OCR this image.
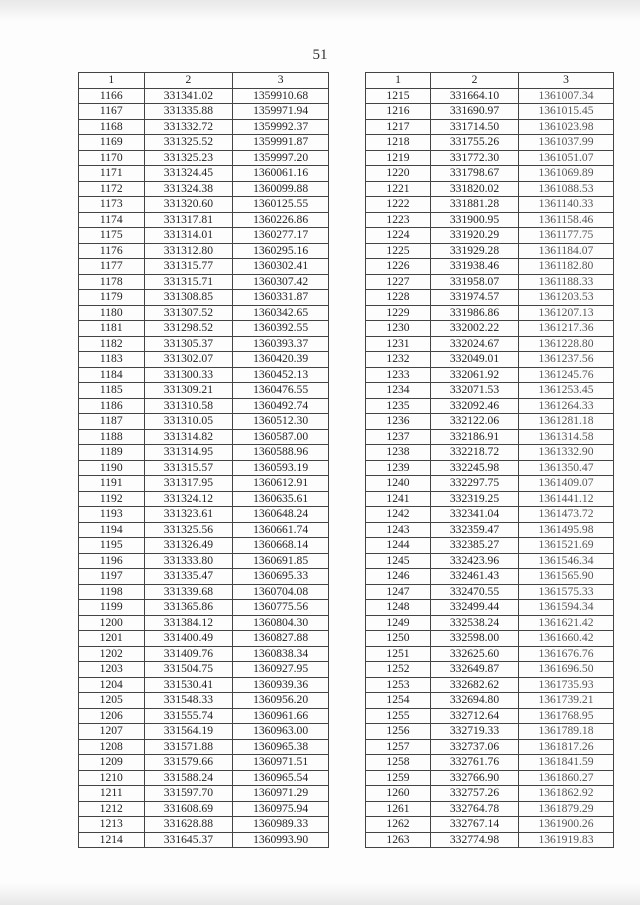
51
1	2	3
1166	331341.02	1359910.68
1167	331335.88	1359971.94
1168	331332.72	1359992.37
1169	331325.52	1359991.87
1170	331325.23	1359997.20
1171	331324.45	1360061.16
1172	331324.38	1360099.88
1173	331320.60	1360125.55
1174	331317.81	1360226.86
1175	331314.01	1360277.17
1176	331312.80	1360295.16
1177	331315.77	1360302.41
1178	331315.71	1360307.42
1179	331308.85	1360331.87
1180	331307.52	1360342.65
1181	331298.52	1360392.55
1182	331305.37	1360393.37
1183	331302.07	1360420.39
1184	331300.33	1360452.13
1185	331309.21	1360476.55
1186	331310.58	1360492.74
1187	331310.05	1360512.30
1188	331314.82	1360587.00
1189	331314.95	1360588.96
1190	331315.57	1360593.19
1191	331317.95	1360612.91
1192	331324.12	1360635.61
1193	331323.61	1360648.24
1194	331325.56	1360661.74
1195	331326.49	1360668.14
1196	331333.80	1360691.85
1197	331335.47	1360695.33
1198	331339.68	1360704.08
1199	331365.86	1360775.56
1200	331384.12	1360804.30
1201	331400.49	1360827.88
1202	331409.76	1360838.34
1203	331504.75	1360927.95
1204	331530.41	1360939.36
1205	331548.33	1360956.20
1206	331555.74	1360961.66
1207	331564.19	1360963.00
1208	331571.88	1360965.38
1209	331579.66	1360971.51
1210	331588.24	1360965.54
1211	331597.70	1360971.29
1212	331608.69	1360975.94
1213	331628.88	1360989.33
1214	331645.37	1360993.90
1	2	3
1215	331664.10	1361007.34
1216	331690.97	1361015.45
1217	331714.50	1361023.98
1218	331755.26	1361037.99
1219	331772.30	1361051.07
1220	331798.67	1361069.89
1221	331820.02	1361088.53
1222	331881.28	1361140.33
1223	331900.95	1361158.46
1224	331920.29	1361177.75
1225	331929.28	1361184.07
1226	331938.46	1361182.80
1227	331958.07	1361188.33
1228	331974.57	1361203.53
1229	331986.86	1361207.13
1230	332002.22	1361217.36
1231	332024.67	1361228.80
1232	332049.01	1361237.56
1233	332061.92	1361245.76
1234	332071.53	1361253.45
1235	332092.46	1361264.33
1236	332122.06	1361281.18
1237	332186.91	1361314.58
1238	332218.72	1361332.90
1239	332245.98	1361350.47
1240	332297.75	1361409.07
1241	332319.25	1361441.12
1242	332341.04	1361473.72
1243	332359.47	1361495.98
1244	332385.27	1361521.69
1245	332423.96	1361546.34
1246	332461.43	1361565.90
1247	332470.55	1361575.33
1248	332499.44	1361594.34
1249	332538.24	1361621.42
1250	332598.00	1361660.42
1251	332625.60	1361676.76
1252	332649.87	1361696.50
1253	332682.62	1361735.93
1254	332694.80	1361739.21
1255	332712.64	1361768.95
1256	332719.33	1361789.18
1257	332737.06	1361817.26
1258	332761.76	1361841.59
1259	332766.90	1361860.27
1260	332757.26	1361862.92
1261	332764.78	1361879.29
1262	332767.14	1361900.26
1263	332774.98	1361919.83
